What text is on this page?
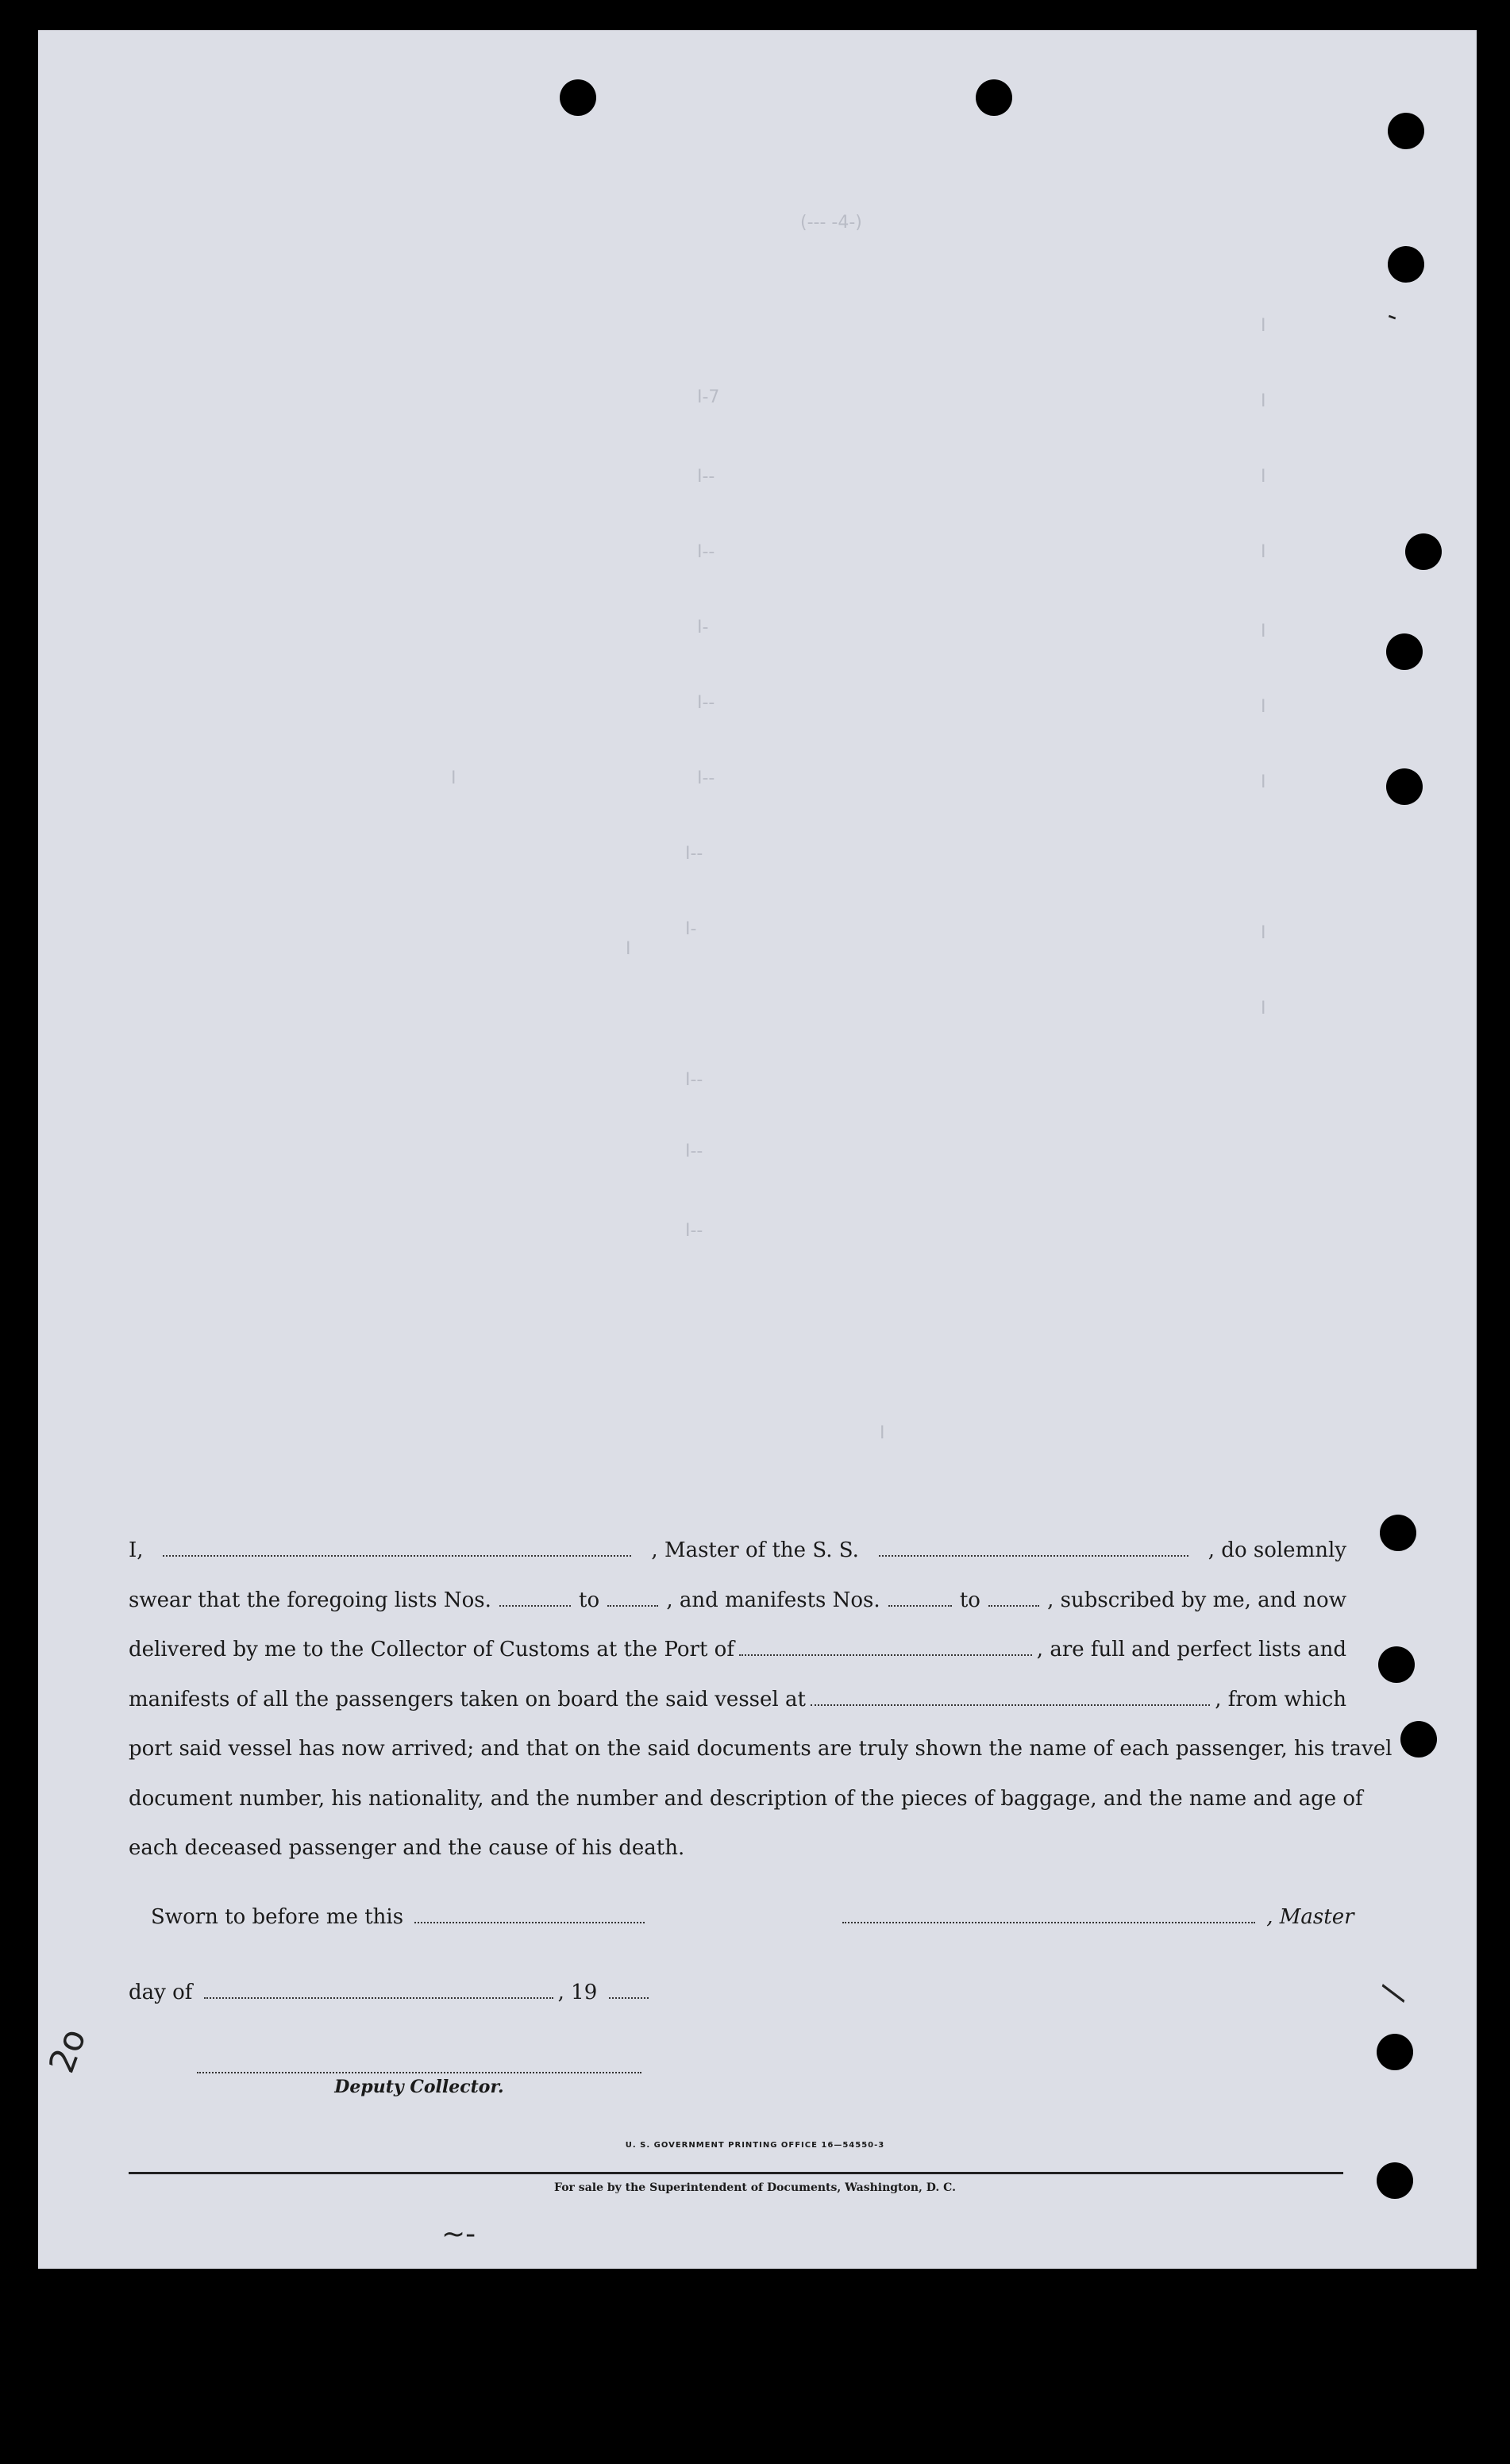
(--- -4-)
I
I-7	I
I--	I
I--	I
I-	I
I--	I
I--	I
I--
I
I-
I
I--
I
I--
I
I--
I
2o
~-
-
/
I,	, Master of the S. S.	, do solemnly
swear that the foregoing lists Nos.	to	, and manifests Nos.	to	, subscribed by me, and now
delivered by me to the Collector of Customs at the Port of	, are full and perfect lists and
manifests of all the passengers taken on board the said vessel at	, from which
port said vessel has now arrived; and that on the said documents are truly shown the name of each passenger, his travel
document number, his nationality, and the number and description of the pieces of baggage, and the name and age of
each deceased passenger and the cause of his death.
Sworn to before me this	, Master
day of	, 19
Deputy Collector.
U. S. GOVERNMENT PRINTING OFFICE 16—54550-3
For sale by the Superintendent of Documents, Washington, D. C.
